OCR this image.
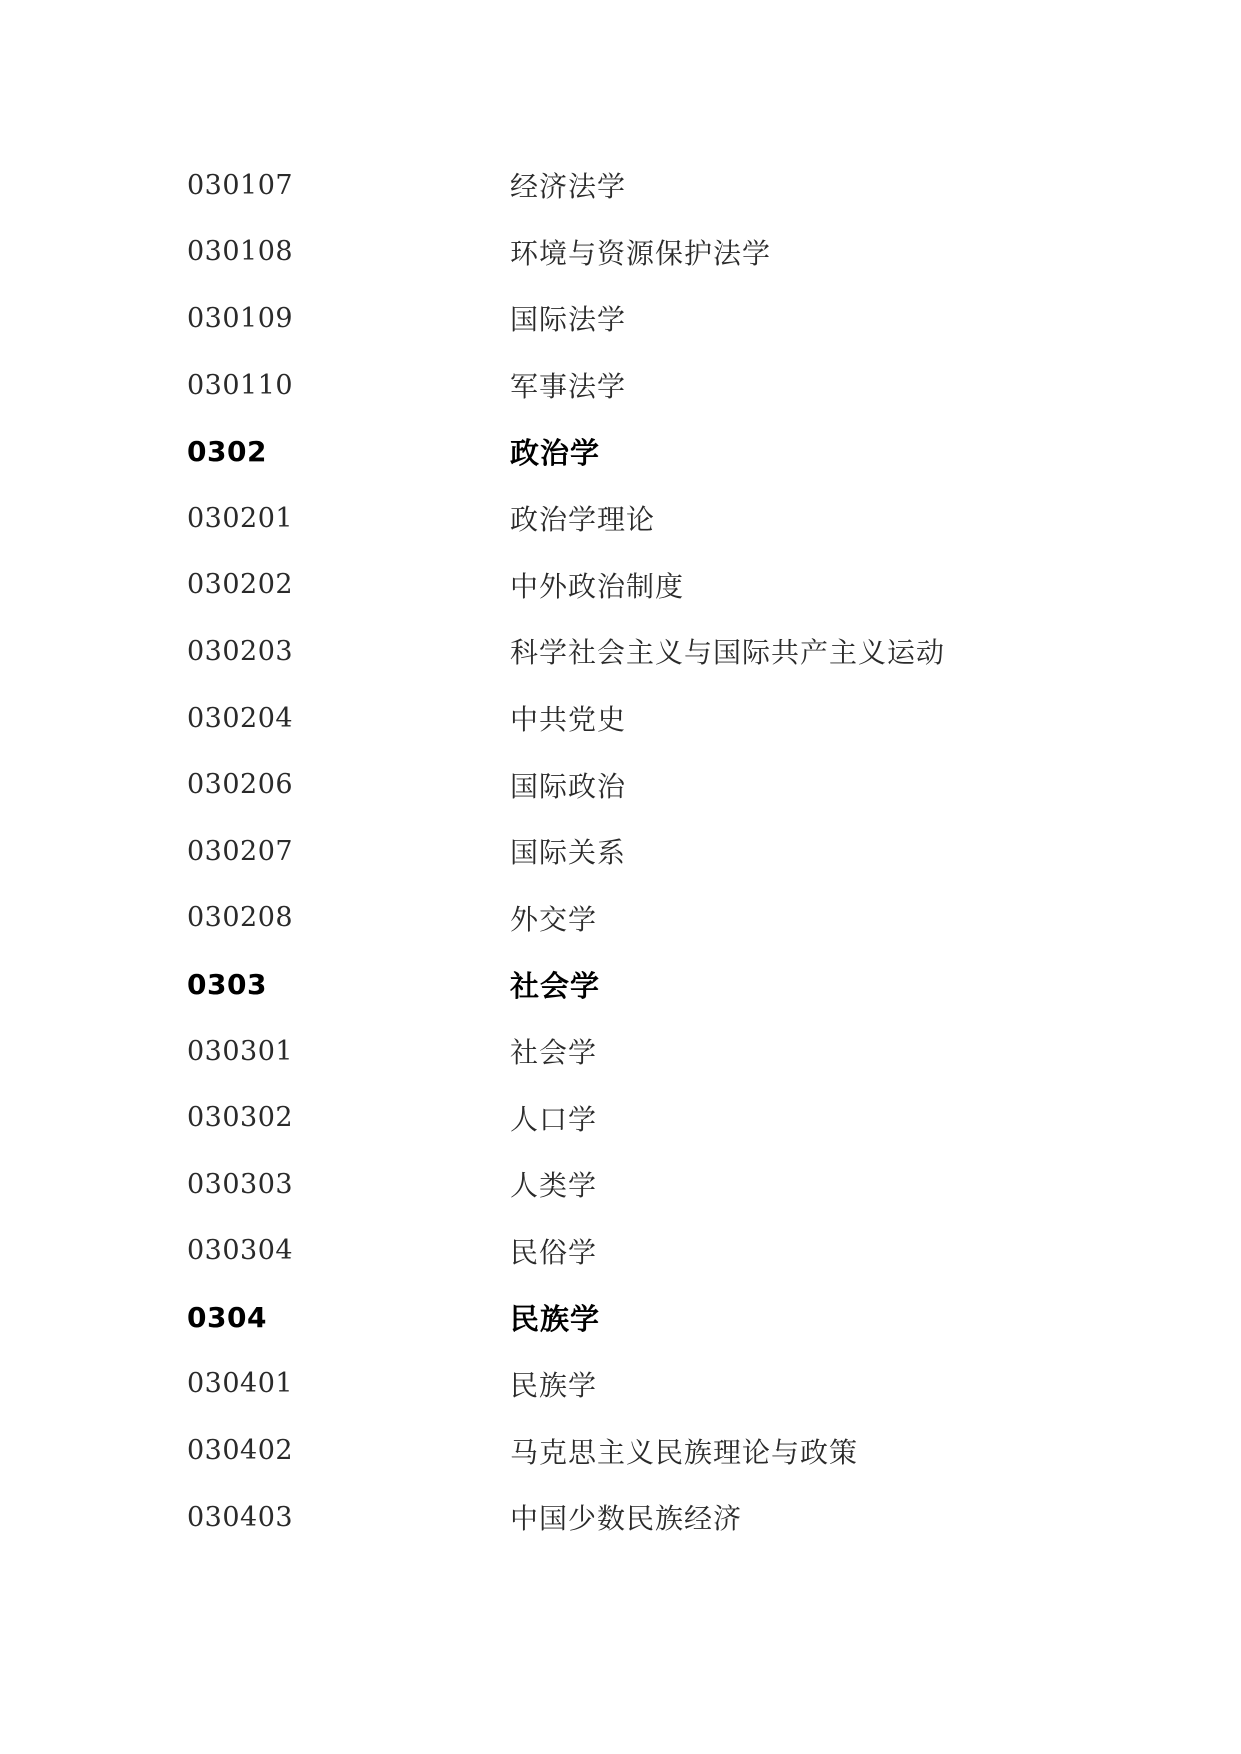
030107	经济法学
030108	环境与资源保护法学
030109	国际法学
030110	军事法学
0302	政治学
030201	政治学理论
030202	中外政治制度
030203	科学社会主义与国际共产主义运动
030204	中共党史
030206	国际政治
030207	国际关系
030208	外交学
0303	社会学
030301	社会学
030302	人口学
030303	人类学
030304	民俗学
0304	民族学
030401	民族学
030402	马克思主义民族理论与政策
030403	中国少数民族经济
